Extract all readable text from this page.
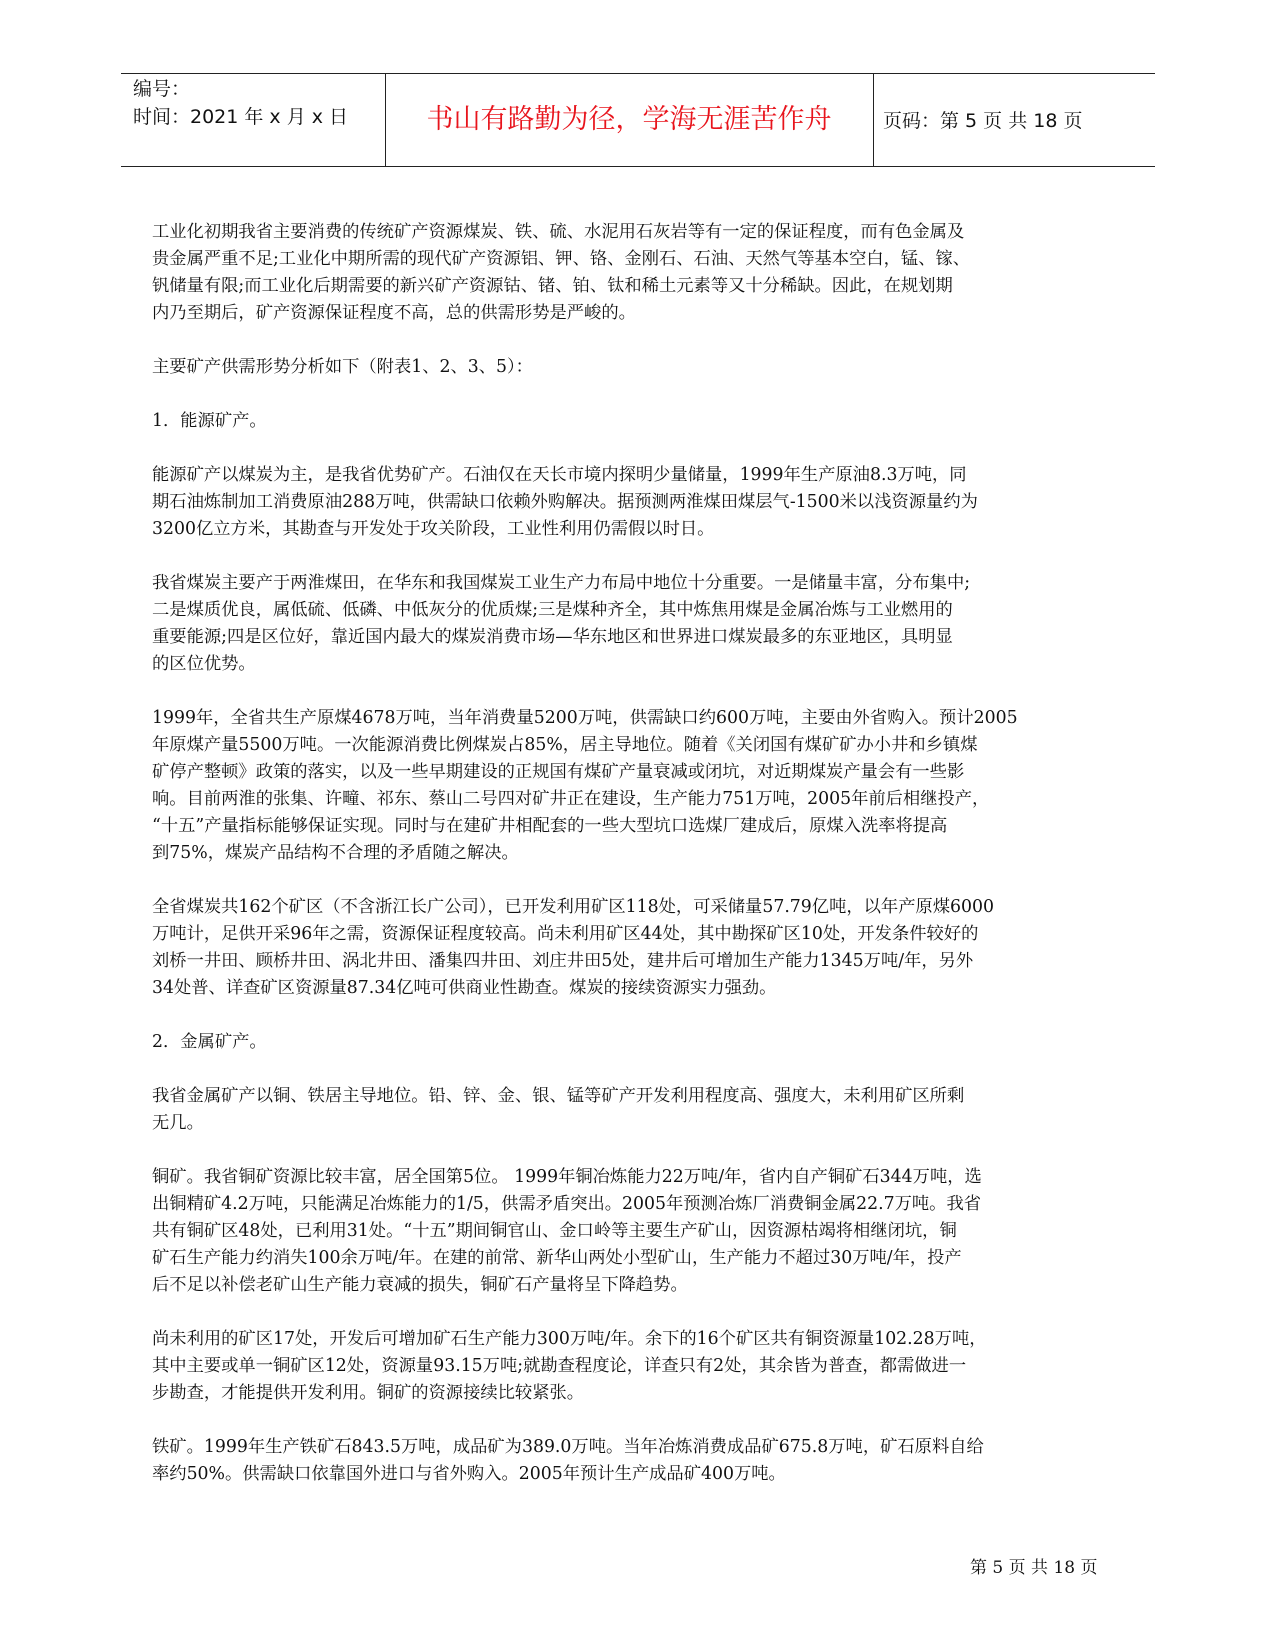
编号：
时间：2021 年 x 月 x 日	书山有路勤为径，学海无涯苦作舟	页码：第 5 页 共 18 页

工业化初期我省主要消费的传统矿产资源煤炭、铁、硫、水泥用石灰岩等有一定的保证程度，而有色金属及
贵金属严重不足;工业化中期所需的现代矿产资源铝、钾、铬、金刚石、石油、天然气等基本空白，锰、镓、
钒储量有限;而工业化后期需要的新兴矿产资源钴、锗、铂、钛和稀土元素等又十分稀缺。因此，在规划期
内乃至期后，矿产资源保证程度不高，总的供需形势是严峻的。

主要矿产供需形势分析如下（附表1、2、3、5）：

1．能源矿产。

能源矿产以煤炭为主，是我省优势矿产。石油仅在天长市境内探明少量储量，1999年生产原油8.3万吨，同
期石油炼制加工消费原油288万吨，供需缺口依赖外购解决。据预测两淮煤田煤层气-1500米以浅资源量约为
3200亿立方米，其勘查与开发处于攻关阶段，工业性利用仍需假以时日。

我省煤炭主要产于两淮煤田，在华东和我国煤炭工业生产力布局中地位十分重要。一是储量丰富，分布集中;
二是煤质优良，属低硫、低磷、中低灰分的优质煤;三是煤种齐全，其中炼焦用煤是金属冶炼与工业燃用的
重要能源;四是区位好，靠近国内最大的煤炭消费市场—华东地区和世界进口煤炭最多的东亚地区，具明显
的区位优势。

1999年，全省共生产原煤4678万吨，当年消费量5200万吨，供需缺口约600万吨，主要由外省购入。预计2005
年原煤产量5500万吨。一次能源消费比例煤炭占85%，居主导地位。随着《关闭国有煤矿矿办小井和乡镇煤
矿停产整顿》政策的落实，以及一些早期建设的正规国有煤矿产量衰减或闭坑，对近期煤炭产量会有一些影
响。目前两淮的张集、许疃、祁东、蔡山二号四对矿井正在建设，生产能力751万吨，2005年前后相继投产，
“十五”产量指标能够保证实现。同时与在建矿井相配套的一些大型坑口选煤厂建成后，原煤入洗率将提高
到75%，煤炭产品结构不合理的矛盾随之解决。

全省煤炭共162个矿区（不含浙江长广公司），已开发利用矿区118处，可采储量57.79亿吨，以年产原煤6000
万吨计，足供开采96年之需，资源保证程度较高。尚未利用矿区44处，其中勘探矿区10处，开发条件较好的
刘桥一井田、顾桥井田、涡北井田、潘集四井田、刘庄井田5处，建井后可增加生产能力1345万吨/年，另外
34处普、详查矿区资源量87.34亿吨可供商业性勘查。煤炭的接续资源实力强劲。

2．金属矿产。

我省金属矿产以铜、铁居主导地位。铅、锌、金、银、锰等矿产开发利用程度高、强度大，未利用矿区所剩
无几。

铜矿。我省铜矿资源比较丰富，居全国第5位。 1999年铜冶炼能力22万吨/年，省内自产铜矿石344万吨，选
出铜精矿4.2万吨，只能满足冶炼能力的1/5，供需矛盾突出。2005年预测冶炼厂消费铜金属22.7万吨。我省
共有铜矿区48处，已利用31处。“十五”期间铜官山、金口岭等主要生产矿山，因资源枯竭将相继闭坑，铜
矿石生产能力约消失100余万吨/年。在建的前常、新华山两处小型矿山，生产能力不超过30万吨/年，投产
后不足以补偿老矿山生产能力衰减的损失，铜矿石产量将呈下降趋势。

尚未利用的矿区17处，开发后可增加矿石生产能力300万吨/年。余下的16个矿区共有铜资源量102.28万吨，
其中主要或单一铜矿区12处，资源量93.15万吨;就勘查程度论，详查只有2处，其余皆为普查，都需做进一
步勘查，才能提供开发利用。铜矿的资源接续比较紧张。

铁矿。1999年生产铁矿石843.5万吨，成品矿为389.0万吨。当年冶炼消费成品矿675.8万吨，矿石原料自给
率约50%。供需缺口依靠国外进口与省外购入。2005年预计生产成品矿400万吨。

第 5 页 共 18 页
